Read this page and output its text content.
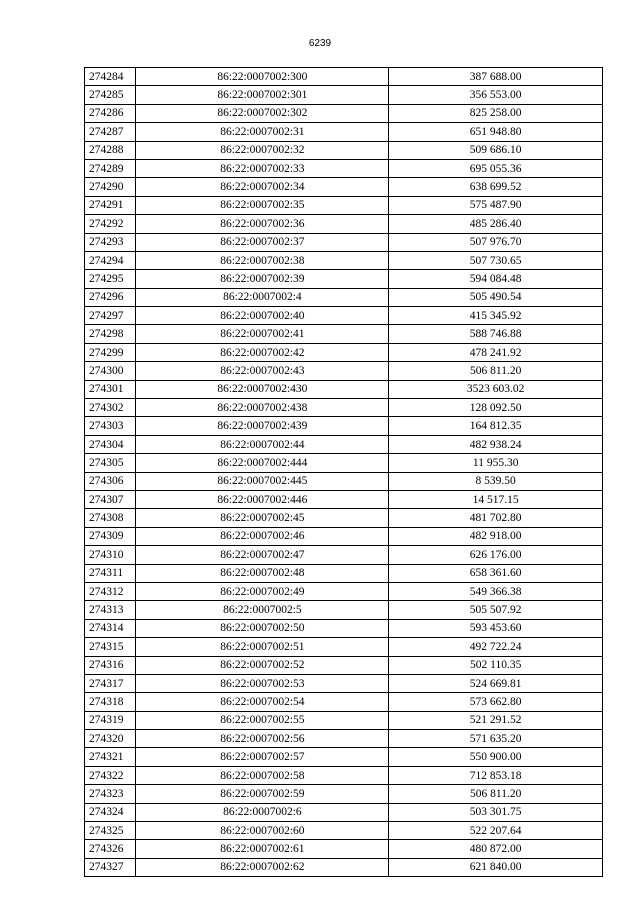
6239
274284	86:22:0007002:300	387 688.00
274285	86:22:0007002:301	356 553.00
274286	86:22:0007002:302	825 258.00
274287	86:22:0007002:31	651 948.80
274288	86:22:0007002:32	509 686.10
274289	86:22:0007002:33	695 055.36
274290	86:22:0007002:34	638 699.52
274291	86:22:0007002:35	575 487.90
274292	86:22:0007002:36	485 286.40
274293	86:22:0007002:37	507 976.70
274294	86:22:0007002:38	507 730.65
274295	86:22:0007002:39	594 084.48
274296	86:22:0007002:4	505 490.54
274297	86:22:0007002:40	415 345.92
274298	86:22:0007002:41	588 746.88
274299	86:22:0007002:42	478 241.92
274300	86:22:0007002:43	506 811.20
274301	86:22:0007002:430	3523 603.02
274302	86:22:0007002:438	128 092.50
274303	86:22:0007002:439	164 812.35
274304	86:22:0007002:44	482 938.24
274305	86:22:0007002:444	11 955.30
274306	86:22:0007002:445	8 539.50
274307	86:22:0007002:446	14 517.15
274308	86:22:0007002:45	481 702.80
274309	86:22:0007002:46	482 918.00
274310	86:22:0007002:47	626 176.00
274311	86:22:0007002:48	658 361.60
274312	86:22:0007002:49	549 366.38
274313	86:22:0007002:5	505 507.92
274314	86:22:0007002:50	593 453.60
274315	86:22:0007002:51	492 722.24
274316	86:22:0007002:52	502 110.35
274317	86:22:0007002:53	524 669.81
274318	86:22:0007002:54	573 662.80
274319	86:22:0007002:55	521 291.52
274320	86:22:0007002:56	571 635.20
274321	86:22:0007002:57	550 900.00
274322	86:22:0007002:58	712 853.18
274323	86:22:0007002:59	506 811.20
274324	86:22:0007002:6	503 301.75
274325	86:22:0007002:60	522 207.64
274326	86:22:0007002:61	480 872.00
274327	86:22:0007002:62	621 840.00
